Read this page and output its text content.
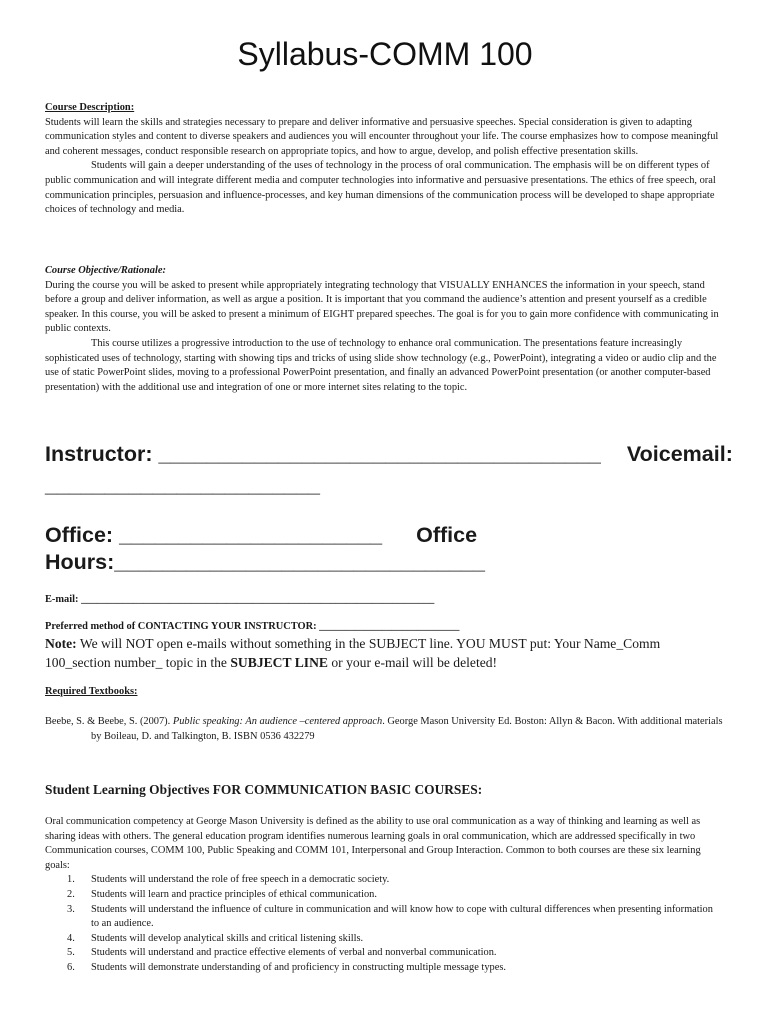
Syllabus-COMM 100
Course Description:

Students will learn the skills and strategies necessary to prepare and deliver informative and persuasive speeches. Special consideration is given to adapting communication styles and content to diverse speakers and audiences you will encounter throughout your life. The course emphasizes how to compose meaningful and coherent messages, conduct responsible research on appropriate topics, and how to argue, develop, and polish effective presentation skills.

Students will gain a deeper understanding of the uses of technology in the process of oral communication. The emphasis will be on different types of public communication and will integrate different media and computer technologies into informative and persuasive presentations. The ethics of free speech, oral communication principles, persuasion and influence-processes, and key human dimensions of the communication process will be developed to shape appropriate choices of technology and media.

Course Objective/Rationale:

During the course you will be asked to present while appropriately integrating technology that VISUALLY ENHANCES the information in your speech, stand before a group and deliver information, as well as argue a position. It is important that you command the audience’s attention and present yourself as a credible speaker. In this course, you will be asked to present a minimum of EIGHT prepared speeches. The goal is for you to gain more confidence with communicating in public contexts.

This course utilizes a progressive introduction to the use of technology to enhance oral communication. The presentations feature increasingly sophisticated uses of technology, starting with showing tips and tricks of using slide show technology (e.g., PowerPoint), integrating a video or audio clip and the use of static PowerPoint slides, moving to a professional PowerPoint presentation, and finally an advanced PowerPoint presentation (or another computer-based presentation) with the additional use and integration of one or more internet sites relating to the topic.

Instructor: _____________________________________ Voicemail:
_______________________
Office: ______________________ Office
Hours:_______________________________
E-mail: ____________________________________________________________________
Preferred method of CONTACTING YOUR INSTRUCTOR: ___________________________
Note: We will NOT open e-mails without something in the SUBJECT line. YOU MUST put: Your Name_Comm 100_section number_ topic in the SUBJECT LINE or your e-mail will be deleted!
Required Textbooks:
Beebe, S. & Beebe, S. (2007). Public speaking: An audience –centered approach. George Mason University Ed. Boston: Allyn & Bacon. With additional materials by Boileau, D. and Talkington, B. ISBN 0536 432279
Student Learning Objectives FOR COMMUNICATION BASIC COURSES:

Oral communication competency at George Mason University is defined as the ability to use oral communication as a way of thinking and learning as well as sharing ideas with others. The general education program identifies numerous learning goals in oral communication, which are addressed specifically in two Communication courses, COMM 100, Public Speaking and COMM 101, Interpersonal and Group Interaction. Common to both courses are these six learning goals:

1. Students will understand the role of free speech in a democratic society.
2. Students will learn and practice principles of ethical communication.
3. Students will understand the influence of culture in communication and will know how to cope with cultural differences when presenting information to an audience.
4. Students will develop analytical skills and critical listening skills.
5. Students will understand and practice effective elements of verbal and nonverbal communication.
6. Students will demonstrate understanding of and proficiency in constructing multiple message types.
